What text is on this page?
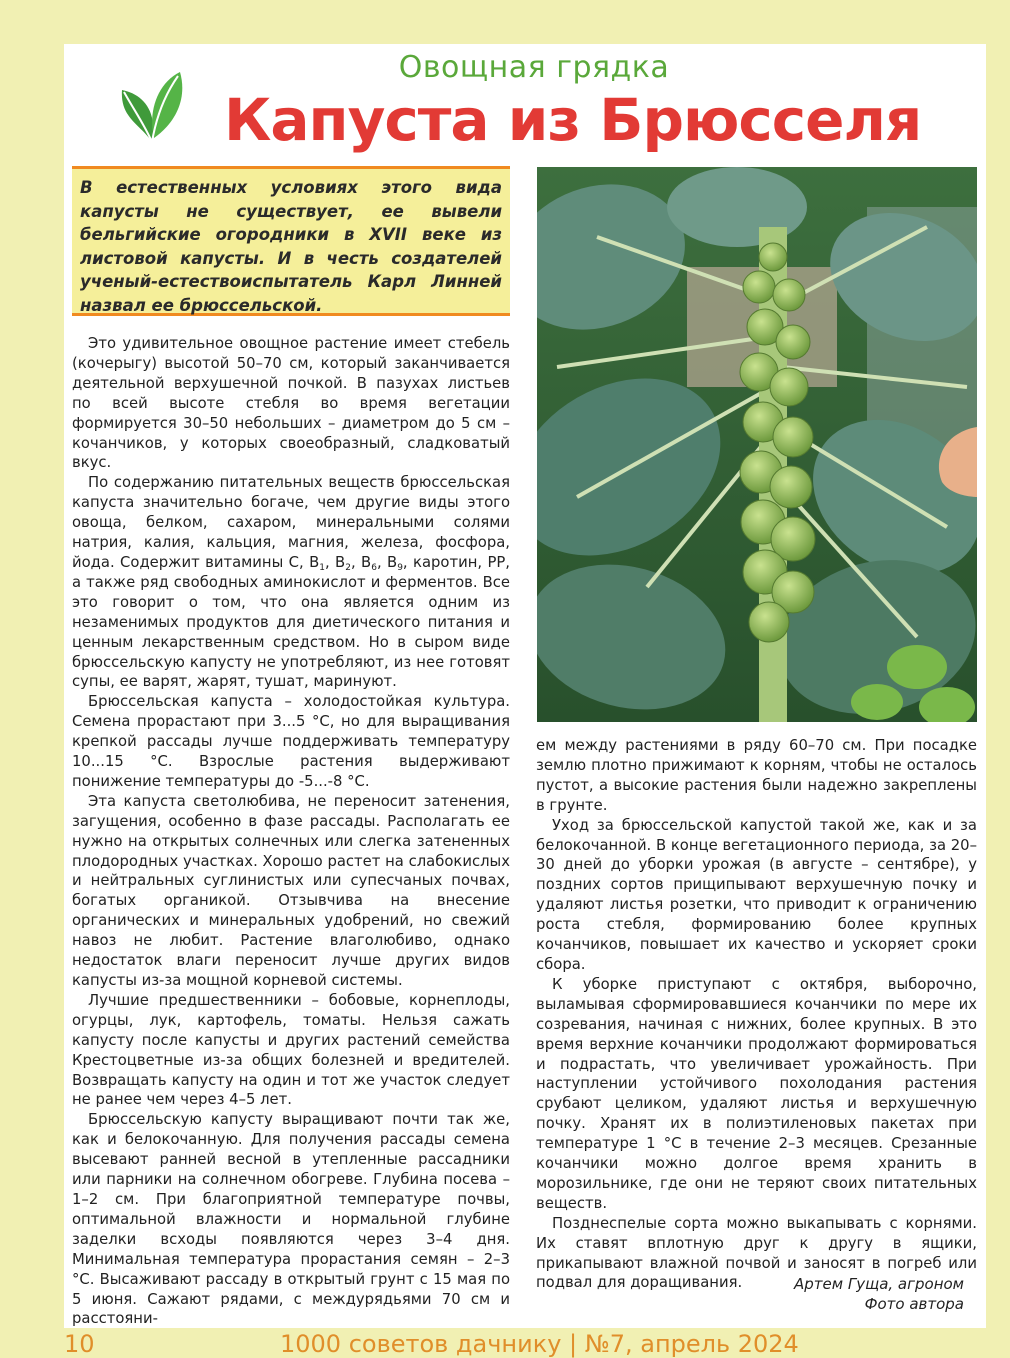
Овощная грядка
Капуста из Брюсселя
В естественных условиях этого вида капусты не существует, ее вывели бельгийские огородники в XVII веке из листовой капусты. И в честь создателей ученый-естествоиспытатель Карл Линней назвал ее брюссельской.

Это удивительное овощное растение имеет стебель (кочерыгу) высотой 50–70 см, который заканчивается деятельной верхушечной почкой. В пазухах листьев по всей высоте стебля во время вегетации формируется 30–50 небольших – диаметром до 5 см – кочанчиков, у которых своеобразный, сладковатый вкус.

По содержанию питательных веществ брюссельская капуста значительно богаче, чем другие виды этого овоща, белком, сахаром, минеральными солями натрия, калия, кальция, магния, железа, фосфора, йода. Содержит витамины С, $В_1$, $В_2$, $В_6$, $В_9$, каротин, РР, а также ряд свободных аминокислот и ферментов. Все это говорит о том, что она является одним из незаменимых продуктов для диетического питания и ценным лекарственным средством. Но в сыром виде брюссельскую капусту не употребляют, из нее готовят супы, ее варят, жарят, тушат, маринуют.

Брюссельская капуста – холодостойкая культура. Семена прорастают при 3...5 °С, но для выращивания крепкой рассады лучше поддерживать температуру 10...15 °С. Взрослые растения выдерживают понижение температуры до -5...-8 °С.

Эта капуста светолюбива, не переносит затенения, загущения, особенно в фазе рассады. Располагать ее нужно на открытых солнечных или слегка затененных плодородных участках. Хорошо растет на слабокислых и нейтральных суглинистых или супесчаных почвах, богатых органикой. Отзывчива на внесение органических и минеральных удобрений, но свежий навоз не любит. Растение влаголюбиво, однако недостаток влаги переносит лучше других видов капусты из-за мощной корневой системы.

Лучшие предшественники – бобовые, корнеплоды, огурцы, лук, картофель, томаты. Нельзя сажать капусту после капусты и других растений семейства Крестоцветные из-за общих болезней и вредителей. Возвращать капусту на один и тот же участок следует не ранее чем через 4–5 лет.

Брюссельскую капусту выращивают почти так же, как и белокочанную. Для получения рассады семена высевают ранней весной в утепленные рассадники или парники на солнечном обогреве. Глубина посева – 1–2 см. При благоприятной температуре почвы, оптимальной влажности и нормальной глубине заделки всходы появляются через 3–4 дня. Минимальная температура прорастания семян – 2–3 °С. Высаживают рассаду в открытый грунт с 15 мая по 5 июня. Сажают рядами, с междурядьями 70 см и расстояни-

ем между растениями в ряду 60–70 см. При посадке землю плотно прижимают к корням, чтобы не осталось пустот, а высокие растения были надежно закреплены в грунте.

Уход за брюссельской капустой такой же, как и за белокочанной. В конце вегетационного периода, за 20–30 дней до уборки урожая (в августе – сентябре), у поздних сортов прищипывают верхушечную почку и удаляют листья розетки, что приводит к ограничению роста стебля, формированию более крупных кочанчиков, повышает их качество и ускоряет сроки сбора.

К уборке приступают с октября, выборочно, выламывая сформировавшиеся кочанчики по мере их созревания, начиная с нижних, более крупных. В это время верхние кочанчики продолжают формироваться и подрастать, что увеличивает урожайность. При наступлении устойчивого похолодания растения срубают целиком, удаляют листья и верхушечную почку. Хранят их в полиэтиленовых пакетах при температуре 1 °С в течение 2–3 месяцев. Срезанные кочанчики можно долгое время хранить в морозильнике, где они не теряют своих питательных веществ.

Позднеспелые сорта можно выкапывать с корнями. Их ставят вплотную друг к другу в ящики, прикапывают влажной почвой и заносят в погреб или подвал для доращивания.	Артем Гуща, агроном
Фото автора
10	1000 советов дачнику | №7, апрель 2024
